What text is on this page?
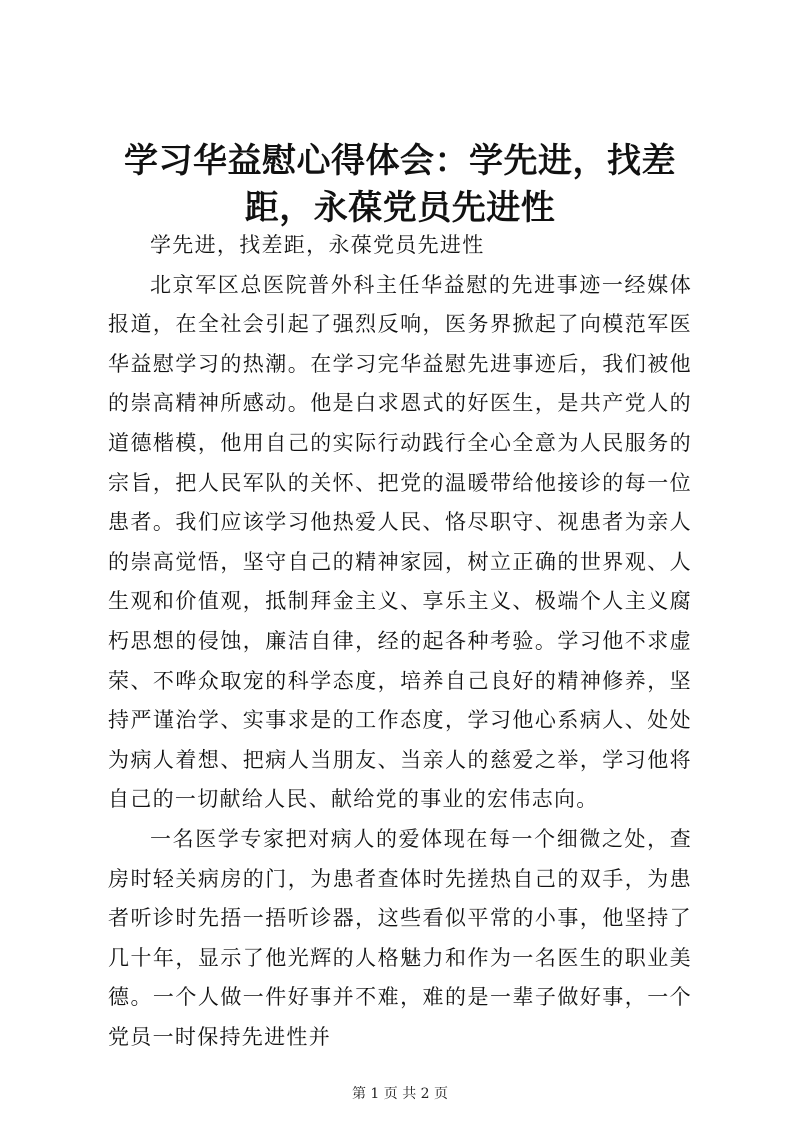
学习华益慰心得体会：学先进，找差距，永葆党员先进性

学先进，找差距，永葆党员先进性

北京军区总医院普外科主任华益慰的先进事迹一经媒体报道，在全社会引起了强烈反响，医务界掀起了向模范军医华益慰学习的热潮。在学习完华益慰先进事迹后，我们被他的崇高精神所感动。他是白求恩式的好医生，是共产党人的道德楷模，他用自己的实际行动践行全心全意为人民服务的宗旨，把人民军队的关怀、把党的温暖带给他接诊的每一位患者。我们应该学习他热爱人民、恪尽职守、视患者为亲人的崇高觉悟，坚守自己的精神家园，树立正确的世界观、人生观和价值观，抵制拜金主义、享乐主义、极端个人主义腐朽思想的侵蚀，廉洁自律，经的起各种考验。学习他不求虚荣、不哗众取宠的科学态度，培养自己良好的精神修养，坚持严谨治学、实事求是的工作态度，学习他心系病人、处处为病人着想、把病人当朋友、当亲人的慈爱之举，学习他将自己的一切献给人民、献给党的事业的宏伟志向。

一名医学专家把对病人的爱体现在每一个细微之处，查房时轻关病房的门，为患者查体时先搓热自己的双手，为患者听诊时先捂一捂听诊器，这些看似平常的小事，他坚持了几十年，显示了他光辉的人格魅力和作为一名医生的职业美德。一个人做一件好事并不难，难的是一辈子做好事，一个党员一时保持先进性并

第 1 页 共 2 页
